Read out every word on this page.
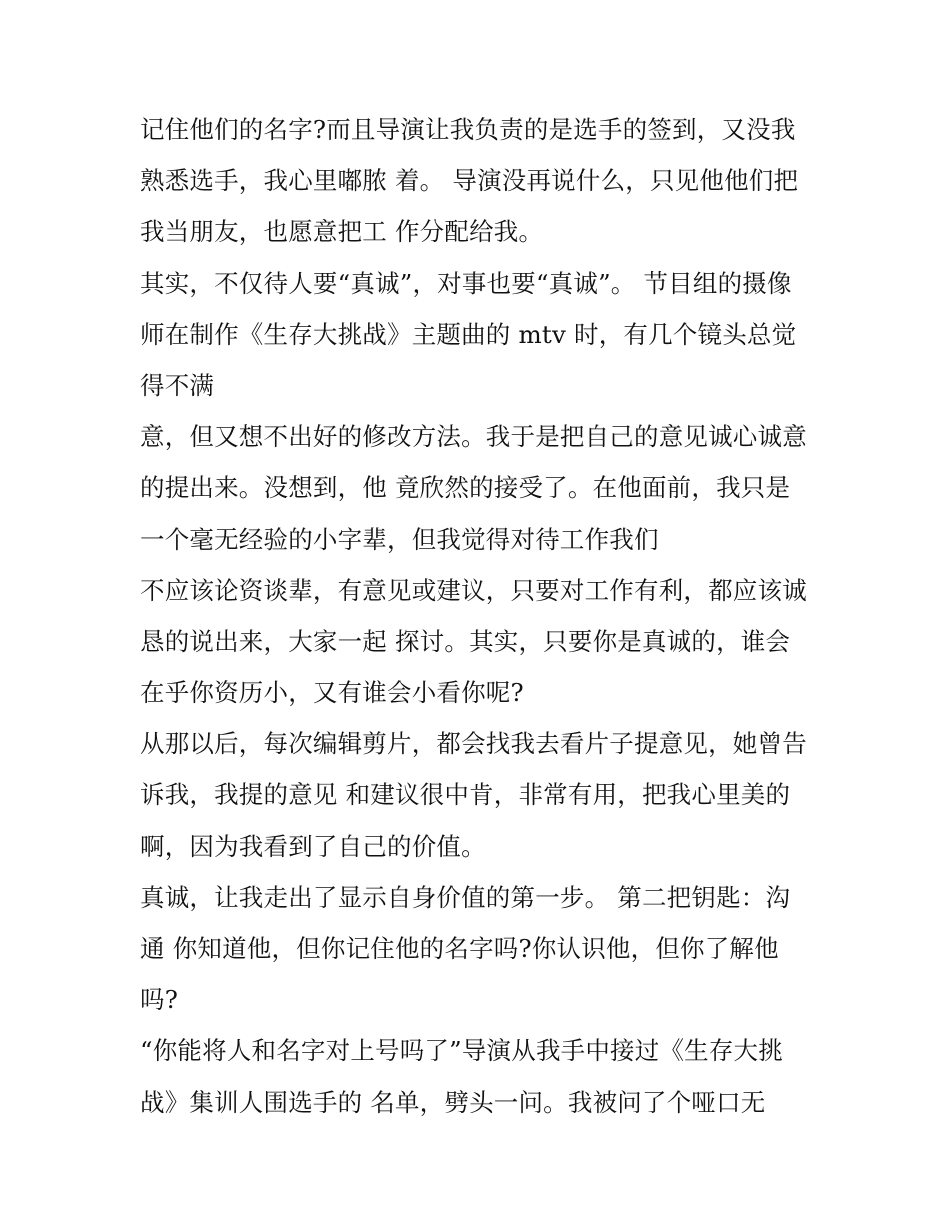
记住他们的名字?而且导演让我负责的是选手的签到，又没我
熟悉选手，我心里嘟脓 着。 导演没再说什么，只见他他们把
我当朋友，也愿意把工 作分配给我。
其实，不仅待人要“真诚”，对事也要“真诚”。 节目组的摄像
师在制作《生存大挑战》主题曲的 mtv 时，有几个镜头总觉
得不满
意，但又想不出好的修改方法。我于是把自己的意见诚心诚意
的提出来。没想到，他 竟欣然的接受了。在他面前，我只是
一个毫无经验的小字辈，但我觉得对待工作我们
不应该论资谈辈，有意见或建议，只要对工作有利，都应该诚
恳的说出来，大家一起 探讨。其实，只要你是真诚的，谁会
在乎你资历小，又有谁会小看你呢?
从那以后，每次编辑剪片，都会找我去看片子提意见，她曾告
诉我，我提的意见 和建议很中肯，非常有用，把我心里美的
啊，因为我看到了自己的价值。
真诚，让我走出了显示自身价值的第一步。 第二把钥匙：沟
通 你知道他，但你记住他的名字吗?你认识他，但你了解他
吗?
“你能将人和名字对上号吗了”导演从我手中接过《生存大挑
战》集训人围选手的 名单，劈头一问。我被问了个哑口无
